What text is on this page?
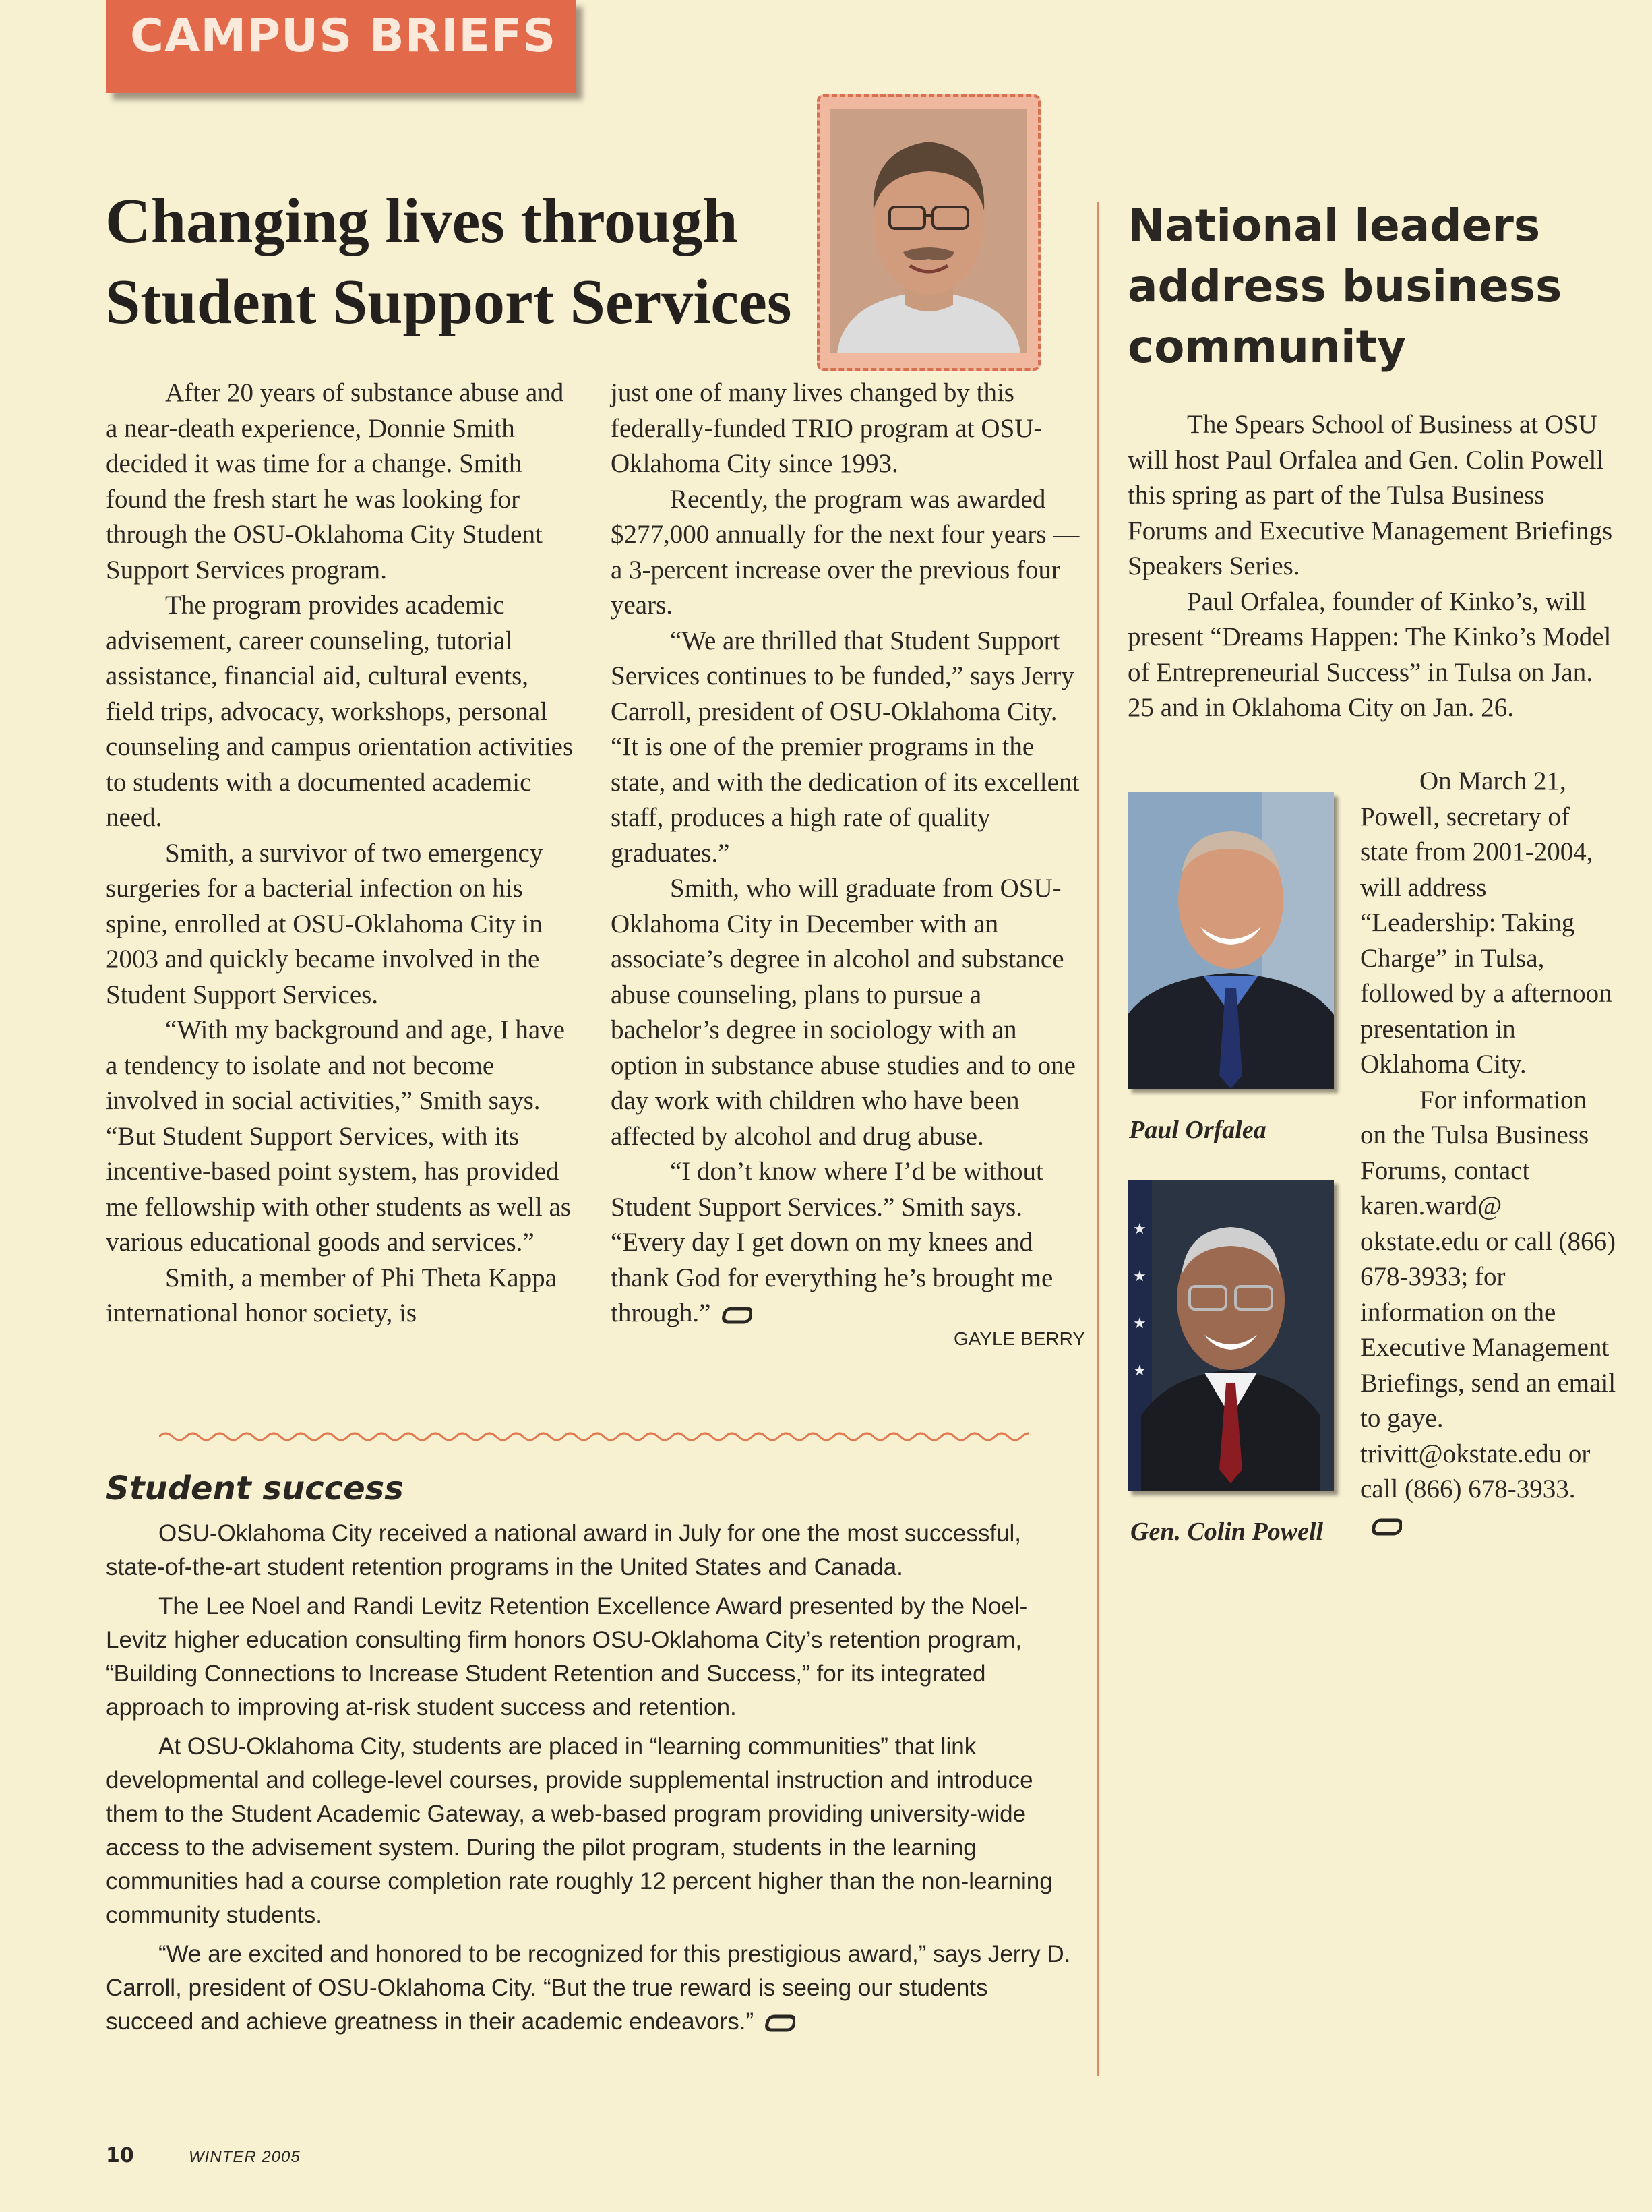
CAMPUS BRIEFS
Changing lives through Student Support Services

After 20 years of substance abuse and a near-death experience, Donnie Smith decided it was time for a change. Smith found the fresh start he was looking for through the OSU-Oklahoma City Student Support Services program.

The program provides academic advisement, career counseling, tutorial assistance, financial aid, cultural events, field trips, advocacy, workshops, personal counseling and campus orientation activities to students with a documented academic need.

Smith, a survivor of two emergency surgeries for a bacterial infection on his spine, enrolled at OSU-Oklahoma City in 2003 and quickly became involved in the Student Support Services.

“With my background and age, I have a tendency to isolate and not become involved in social activities,” Smith says. “But Student Support Services, with its incentive-based point system, has provided me fellowship with other students as well as various educational goods and services.”

Smith, a member of Phi Theta Kappa international honor society, is

just one of many lives changed by this federally-funded TRIO program at OSU-Oklahoma City since 1993.

Recently, the program was awarded $277,000 annually for the next four years — a 3-percent increase over the previous four years.

“We are thrilled that Student Support Services continues to be funded,” says Jerry Carroll, president of OSU-Oklahoma City. “It is one of the premier programs in the state, and with the dedication of its excellent staff, produces a high rate of quality graduates.”

Smith, who will graduate from OSU-Oklahoma City in December with an associate’s degree in alcohol and substance abuse counseling, plans to pursue a bachelor’s degree in sociology with an option in substance abuse studies and to one day work with children who have been affected by alcohol and drug abuse.

“I don’t know where I’d be without Student Support Services.” Smith says. “Every day I get down on my knees and thank God for everything he’s brought me through.”

GAYLE BERRY
Student success

OSU-Oklahoma City received a national award in July for one the most successful, state-of-the-art student retention programs in the United States and Canada.

The Lee Noel and Randi Levitz Retention Excellence Award presented by the Noel-Levitz higher education consulting firm honors OSU-Oklahoma City’s retention program, “Building Connections to Increase Student Retention and Success,” for its integrated approach to improving at-risk student success and retention.

At OSU-Oklahoma City, students are placed in “learning communities” that link developmental and college-level courses, provide supplemental instruction and introduce them to the Student Academic Gateway, a web-based program providing university-wide access to the advisement system. During the pilot program, students in the learning communities had a course completion rate roughly 12 percent higher than the non-learning community students.

“We are excited and honored to be recognized for this prestigious award,” says Jerry D. Carroll, president of OSU-Oklahoma City. “But the true reward is seeing our students succeed and achieve greatness in their academic endeavors.”

National leaders address business community

The Spears School of Business at OSU will host Paul Orfalea and Gen. Colin Powell this spring as part of the Tulsa Business Forums and Executive Management Briefings Speakers Series.

Paul Orfalea, founder of Kinko’s, will present “Dreams Happen: The Kinko’s Model of Entrepreneurial Success” in Tulsa on Jan. 25 and in Oklahoma City on Jan. 26.

Paul Orfalea
★
★
★
★
Gen. Colin Powell

On March 21, Powell, secretary of state from 2001-2004, will address “Leadership: Taking Charge” in Tulsa, followed by a afternoon presentation in Oklahoma City.

For information on the Tulsa Business Forums, contact karen.ward@ okstate.edu or call (866) 678-3933; for information on the Executive Management Briefings, send an email to gaye. trivitt@okstate.edu or call (866) 678-3933.

10	WINTER 2005
